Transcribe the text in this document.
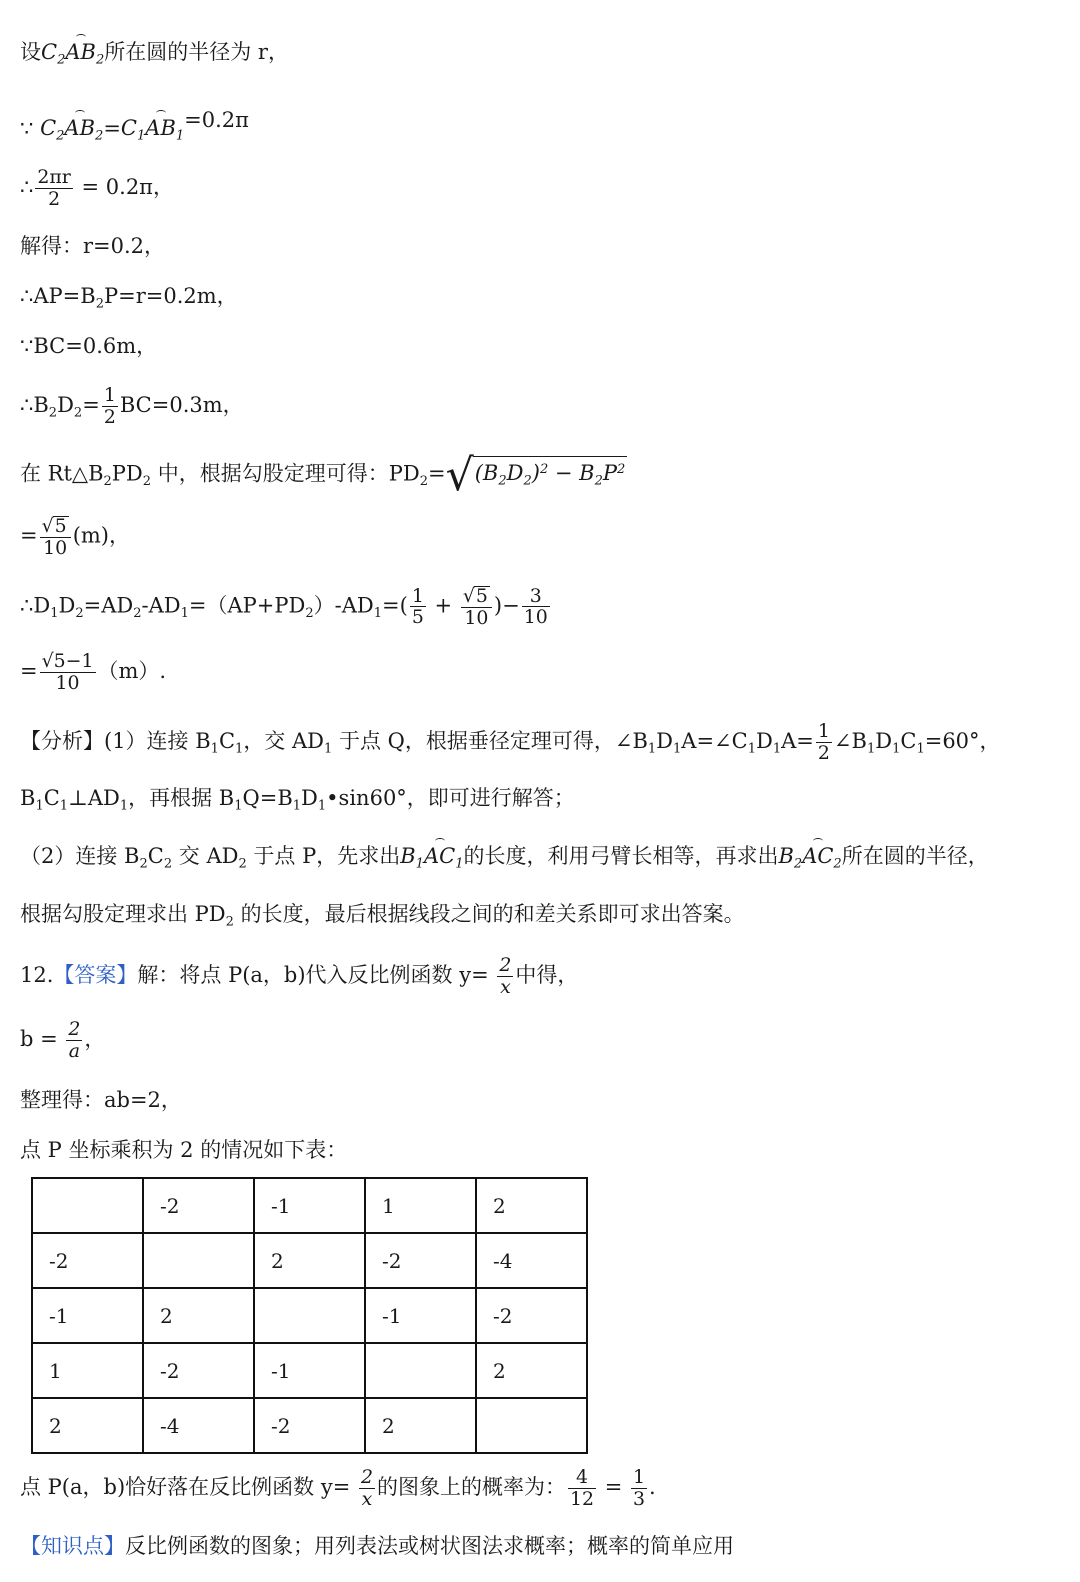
设$C_2AB_2$所在圆的半径为 r，
∵ $C_2AB_2=C_1AB_1=0.2\pi$
∴ $\frac{2\pi r}{2} = 0.2\pi$，
解得：r=0.2，
$\therefore AP=B_2P=r=0.2m$，
∵BC=0.6m，
$\therefore B_2D_2= \frac{1}{2} BC=0.3m$，
在 $Rt\triangle B_2PD_2$ 中，根据勾股定理可得：$PD_2=√(B_2D_2)^2 - B_2P^2$
= $\frac{√5}{10} (m)$，
$\therefore D_1D_2=AD_2-AD_1=(AP+PD_2)-AD_1=( \frac{1}{5} + \frac{√5}{10}$ )− $\frac{3}{10}$
= $\frac{√5-1}{10} (m)$.
【分析】(1）连接 $B_1C_1$，交 $AD_1$ 于点 Q，根据垂径定理可得，$\angle B_1D_1A=\angle C_1D_1A= \frac{1}{2}$ $\angle B_1D_1C_1=60^\circ$，
$B_1C_1\perp AD_1$，再根据 $B_1Q=B_1D_1•\sin 60^\circ$，即可进行解答；
（2）连接 $B_2C_2$ 交 $AD_2$ 于点 P，先求出$B_1AC_1$的长度，利用弓臂长相等，再求出$B_2AC_2$所在圆的半径，
根据勾股定理求出 $PD_2$ 的长度，最后根据线段之间的和差关系即可求出答案。
12.【答案】解：将点 P(a，b)代入反比例函数 $y= \frac{2}{x}$ 中得，
$b = \frac{2}{a}$ ，
整理得：ab=2，
点 P 坐标乘积为 2 的情况如下表：
	-2	-1	1	2
-2		2	-2	-4
-1	2		-1	-2
1	-2	-1		2
2	-4	-2	2	
点 P(a，b)恰好落在反比例函数 $y= \frac{2}{x}$ 的图象上的概率为： $\frac{4}{12} = \frac{1}{3}$ .
【知识点】反比例函数的图象；用列表法或树状图法求概率；概率的简单应用
